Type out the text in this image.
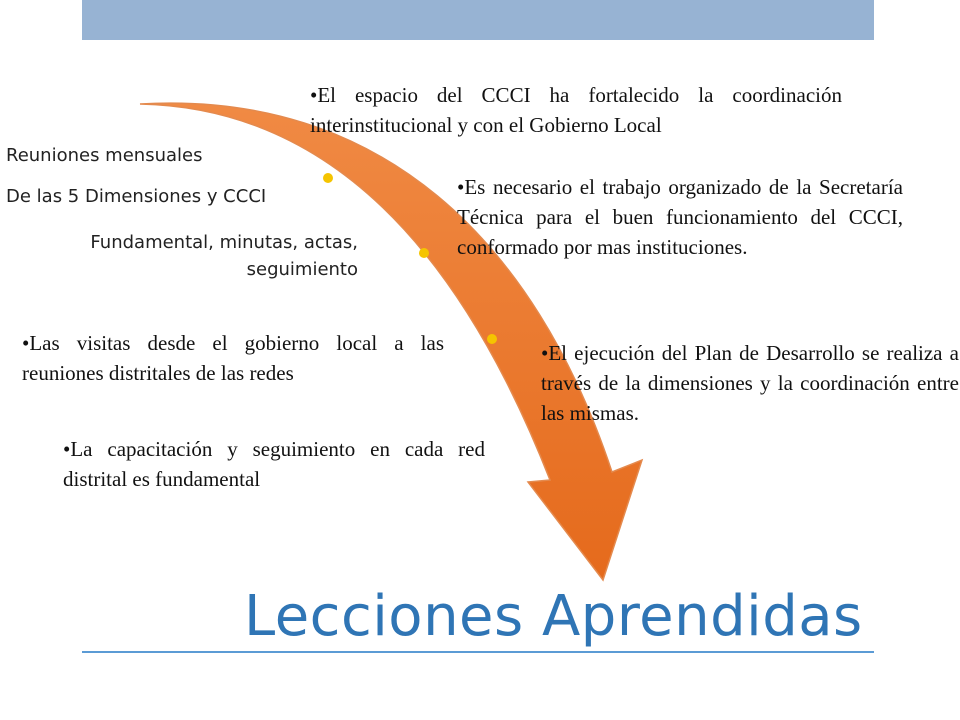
Reuniones mensuales
De las 5 Dimensiones y CCCI
Fundamental, minutas, actas,
seguimiento
• El espacio del CCCI ha fortalecido la coordinación interinstitucional y con el Gobierno Local
• Es necesario el trabajo organizado de la Secretaría Técnica para el buen funcionamiento del CCCI, conformado por mas instituciones.
• Las visitas desde el gobierno local a las reuniones distritales de las redes
• El ejecución del Plan de Desarrollo se realiza a través de la dimensiones y la coordinación entre las mismas.
• La capacitación y seguimiento en cada red distrital es fundamental
Lecciones Aprendidas
